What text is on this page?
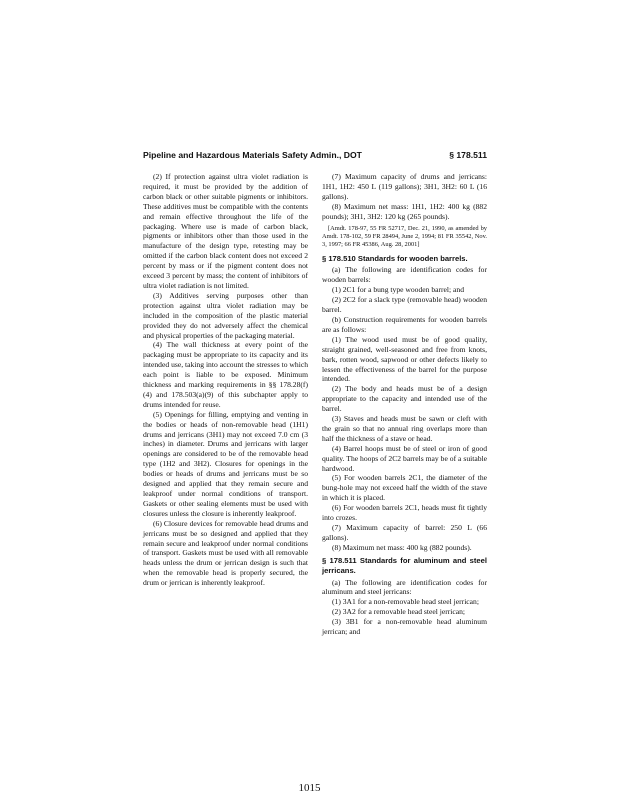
Pipeline and Hazardous Materials Safety Admin., DOT	§ 178.511

(2) If protection against ultra violet radiation is required, it must be provided by the addition of carbon black or other suitable pigments or inhibitors. These additives must be compatible with the contents and remain effective throughout the life of the packaging. Where use is made of carbon black, pigments or inhibitors other than those used in the manufacture of the design type, retesting may be omitted if the carbon black content does not exceed 2 percent by mass or if the pigment content does not exceed 3 percent by mass; the content of inhibitors of ultra violet radiation is not limited.

(3) Additives serving purposes other than protection against ultra violet radiation may be included in the composition of the plastic material provided they do not adversely affect the chemical and physical properties of the packaging material.

(4) The wall thickness at every point of the packaging must be appropriate to its capacity and its intended use, taking into account the stresses to which each point is liable to be exposed. Minimum thickness and marking requirements in §§ 178.28(f)(4) and 178.503(a)(9) of this subchapter apply to drums intended for reuse.

(5) Openings for filling, emptying and venting in the bodies or heads of non-removable head (1H1) drums and jerricans (3H1) may not exceed 7.0 cm (3 inches) in diameter. Drums and jerricans with larger openings are considered to be of the removable head type (1H2 and 3H2). Closures for openings in the bodies or heads of drums and jerricans must be so designed and applied that they remain secure and leakproof under normal conditions of transport. Gaskets or other sealing elements must be used with closures unless the closure is inherently leakproof.

(6) Closure devices for removable head drums and jerricans must be so designed and applied that they remain secure and leakproof under normal conditions of transport. Gaskets must be used with all removable heads unless the drum or jerrican design is such that when the removable head is properly secured, the drum or jerrican is inherently leakproof.

(7) Maximum capacity of drums and jerricans: 1H1, 1H2: 450 L (119 gallons); 3H1, 3H2: 60 L (16 gallons).

(8) Maximum net mass: 1H1, 1H2: 400 kg (882 pounds); 3H1, 3H2: 120 kg (265 pounds).

[Amdt. 178-97, 55 FR 52717, Dec. 21, 1990, as amended by Amdt. 178-102, 59 FR 28494, June 2, 1994; 81 FR 35542, Nov. 3, 1997; 66 FR 45386, Aug. 28, 2001]

§ 178.510 Standards for wooden barrels.

(a) The following are identification codes for wooden barrels:

(1) 2C1 for a bung type wooden barrel; and

(2) 2C2 for a slack type (removable head) wooden barrel.

(b) Construction requirements for wooden barrels are as follows:

(1) The wood used must be of good quality, straight grained, well-seasoned and free from knots, bark, rotten wood, sapwood or other defects likely to lessen the effectiveness of the barrel for the purpose intended.

(2) The body and heads must be of a design appropriate to the capacity and intended use of the barrel.

(3) Staves and heads must be sawn or cleft with the grain so that no annual ring overlaps more than half the thickness of a stave or head.

(4) Barrel hoops must be of steel or iron of good quality. The hoops of 2C2 barrels may be of a suitable hardwood.

(5) For wooden barrels 2C1, the diameter of the bung-hole may not exceed half the width of the stave in which it is placed.

(6) For wooden barrels 2C1, heads must fit tightly into crozes.

(7) Maximum capacity of barrel: 250 L (66 gallons).

(8) Maximum net mass: 400 kg (882 pounds).

§ 178.511 Standards for aluminum and steel jerricans.

(a) The following are identification codes for aluminum and steel jerricans:

(1) 3A1 for a non-removable head steel jerrican;

(2) 3A2 for a removable head steel jerrican;

(3) 3B1 for a non-removable head aluminum jerrican; and

1015
